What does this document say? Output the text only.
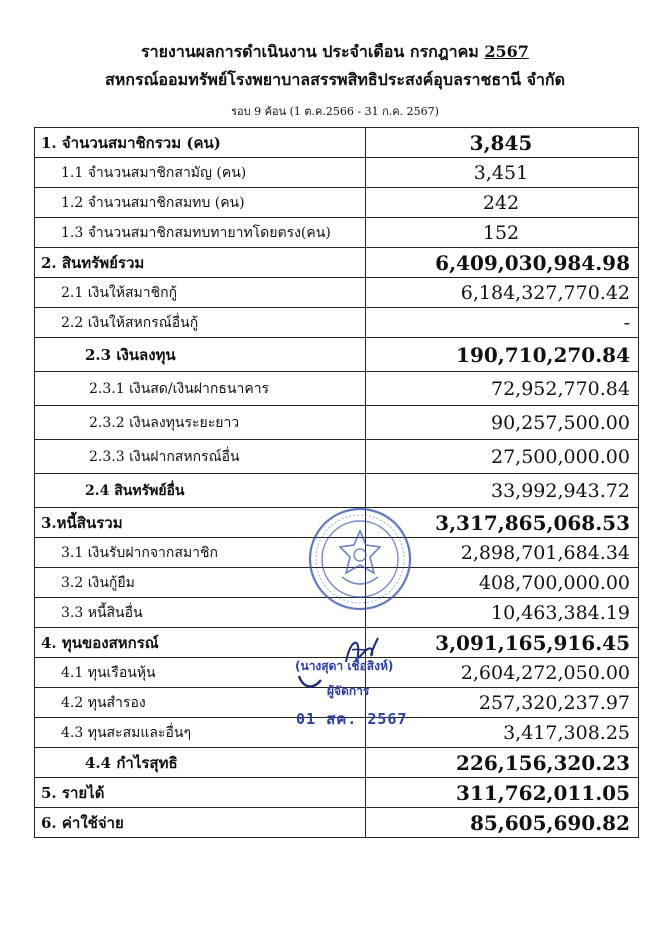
รายงานผลการดำเนินงาน ประจำเดือน กรกฎาคม 2567
สหกรณ์ออมทรัพย์โรงพยาบาลสรรพสิทธิประสงค์อุบลราชธานี จำกัด
รอบ 9 ค้อน (1 ต.ค.2566 - 31 ก.ค. 2567)
1. จำนวนสมาชิกรวม (คน)	3,845
1.1 จำนวนสมาชิกสามัญ (คน)	3,451
1.2 จำนวนสมาชิกสมทบ (คน)	242
1.3 จำนวนสมาชิกสมทบทายาทโดยตรง(คน)	152
2. สินทรัพย์รวม	6,409,030,984.98
2.1 เงินให้สมาชิกกู้	6,184,327,770.42
2.2 เงินให้สหกรณ์อื่นกู้	-
2.3 เงินลงทุน	190,710,270.84
2.3.1 เงินสด/เงินฝากธนาคาร	72,952,770.84
2.3.2 เงินลงทุนระยะยาว	90,257,500.00
2.3.3 เงินฝากสหกรณ์อื่น	27,500,000.00
2.4 สินทรัพย์อื่น	33,992,943.72
3.หนี้สินรวม	3,317,865,068.53
3.1 เงินรับฝากจากสมาชิก	2,898,701,684.34
3.2 เงินกู้ยืม	408,700,000.00
3.3 หนี้สินอื่น	10,463,384.19
4. ทุนของสหกรณ์	3,091,165,916.45
4.1 ทุนเรือนหุ้น	2,604,272,050.00
4.2 ทุนสำรอง	257,320,237.97
4.3 ทุนสะสมและอื่นๆ	3,417,308.25
4.4 กำไรสุทธิ	226,156,320.23
5. รายได้	311,762,011.05
6. ค่าใช้จ่าย	85,605,690.82
(นางสุดา เชื้อสิงห์)
ผู้จัดการ
01 สค. 2567
